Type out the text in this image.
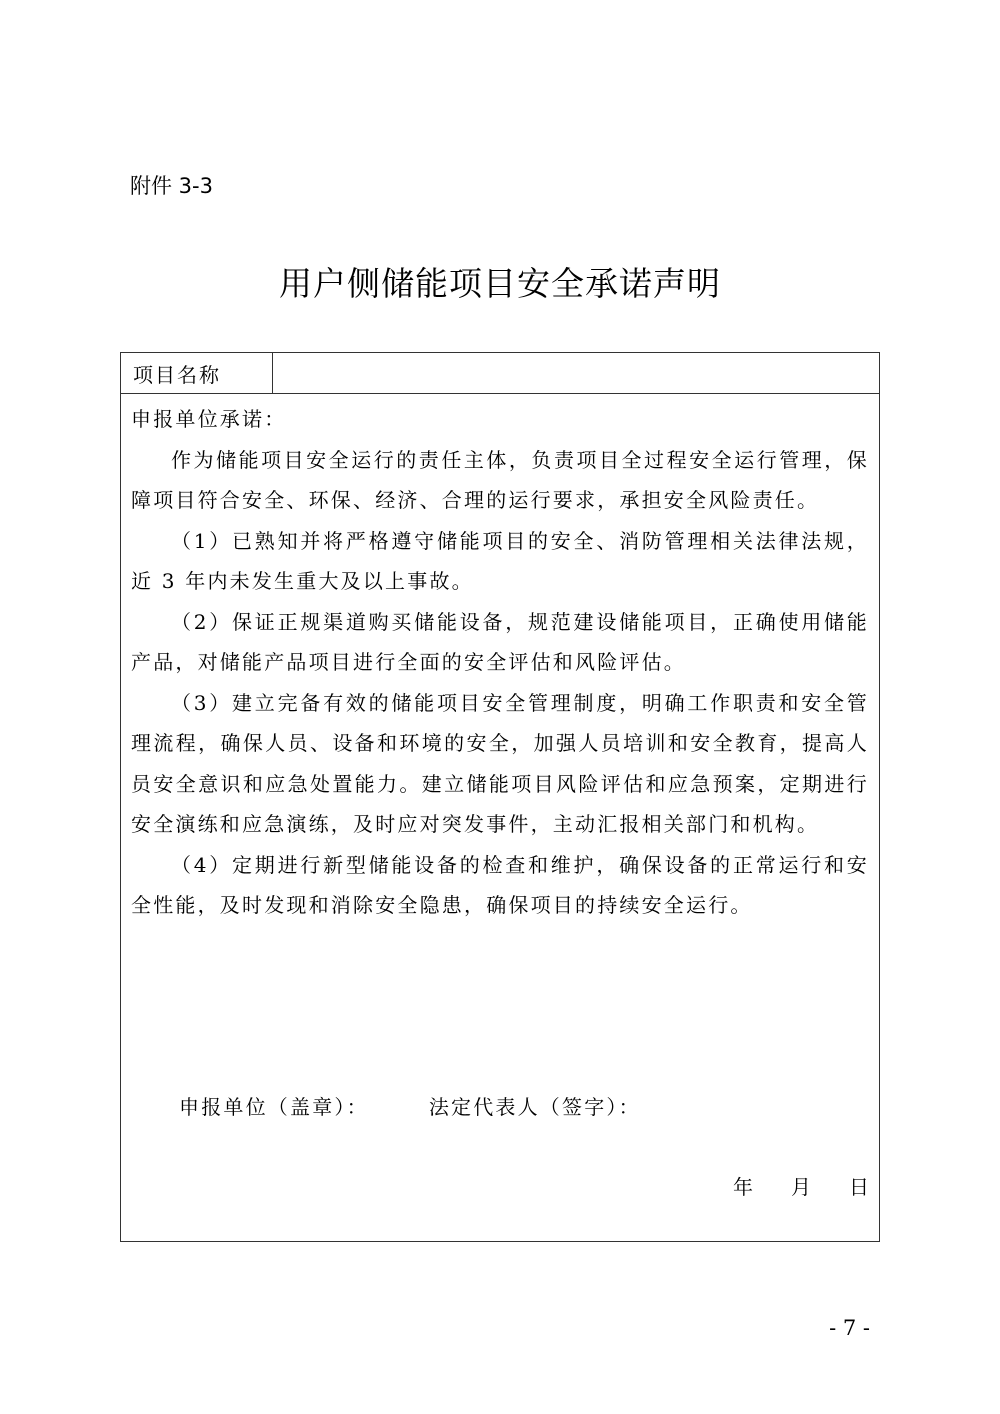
附件 3-3
用户侧储能项目安全承诺声明
项目名称

申报单位承诺：

作为储能项目安全运行的责任主体，负责项目全过程安全运行管理，保障项目符合安全、环保、经济、合理的运行要求，承担安全风险责任。

（1）已熟知并将严格遵守储能项目的安全、消防管理相关法律法规，近 3 年内未发生重大及以上事故。

（2）保证正规渠道购买储能设备，规范建设储能项目，正确使用储能产品，对储能产品项目进行全面的安全评估和风险评估。

（3）建立完备有效的储能项目安全管理制度，明确工作职责和安全管理流程，确保人员、设备和环境的安全，加强人员培训和安全教育，提高人员安全意识和应急处置能力。建立储能项目风险评估和应急预案，定期进行安全演练和应急演练，及时应对突发事件，主动汇报相关部门和机构。

（4）定期进行新型储能设备的检查和维护，确保设备的正常运行和安全性能，及时发现和消除安全隐患，确保项目的持续安全运行。

申报单位（盖章）：	法定代表人（签字）：
年 月 日
- 7 -
